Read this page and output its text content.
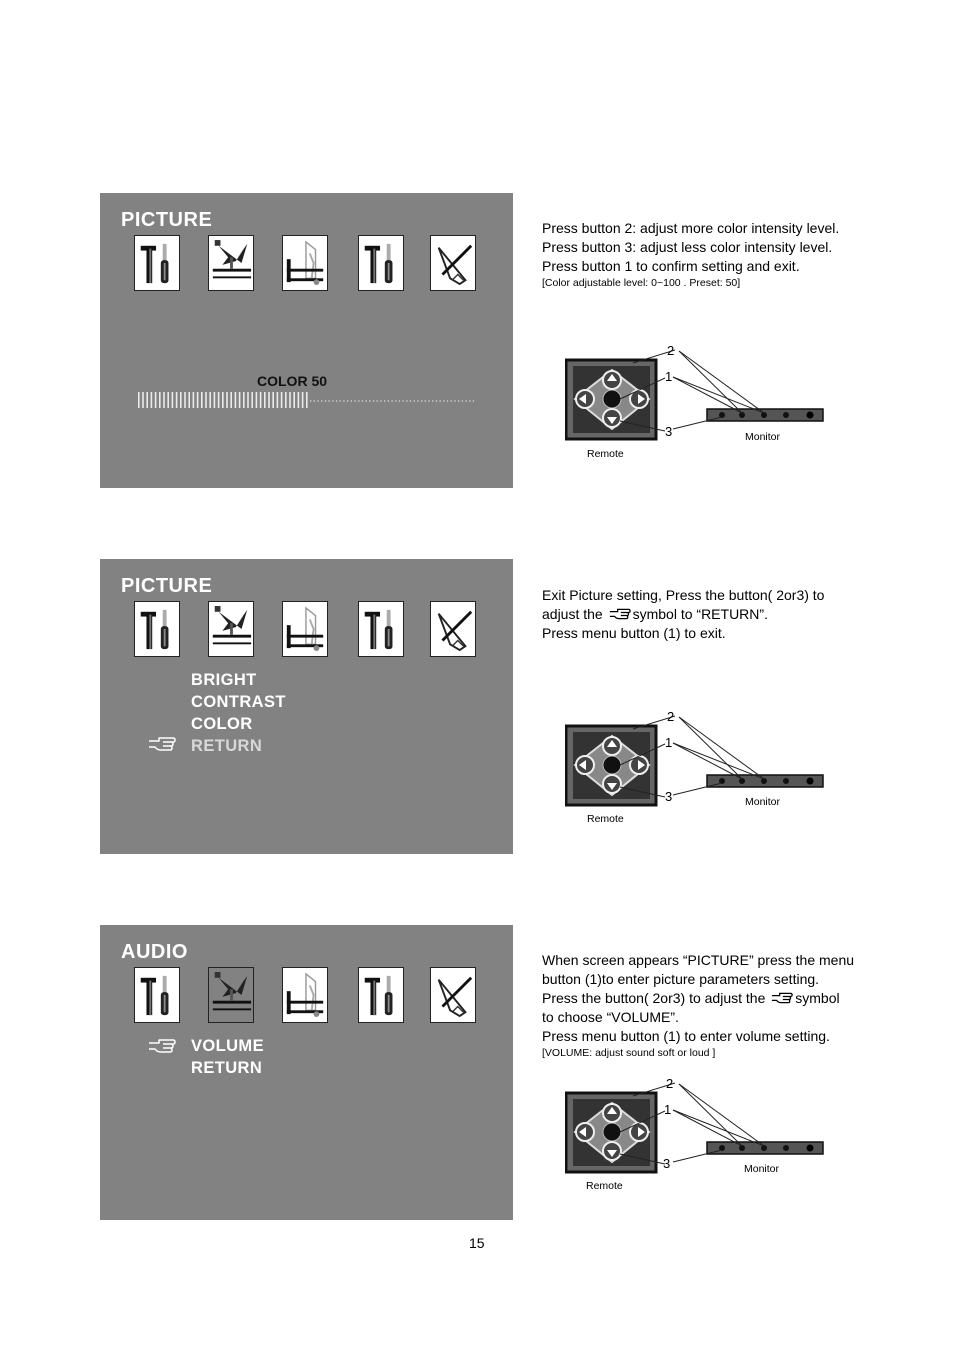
PICTURE
COLOR 50
PICTURE
BRIGHT
CONTRAST
COLOR
RETURN
AUDIO
VOLUME
RETURN
Press button 2: adjust more color intensity level.
Press button 3: adjust less color intensity level.
Press button 1 to confirm setting and exit.
[Color adjustable level: 0~100 . Preset: 50]
Exit Picture setting, Press the button( 2or3) to
adjust the symbol to “RETURN”.
Press menu button (1) to exit.
When screen appears “PICTURE” press the menu
button (1)to enter picture parameters setting.
Press the button( 2or3) to adjust the symbol
to choose “VOLUME”.
Press menu button (1) to enter volume setting.
[VOLUME: adjust sound soft or loud ]
2
1
3	Monitor
Remote
2
1
3	Monitor
Remote
2
1
3	Monitor
Remote
15
